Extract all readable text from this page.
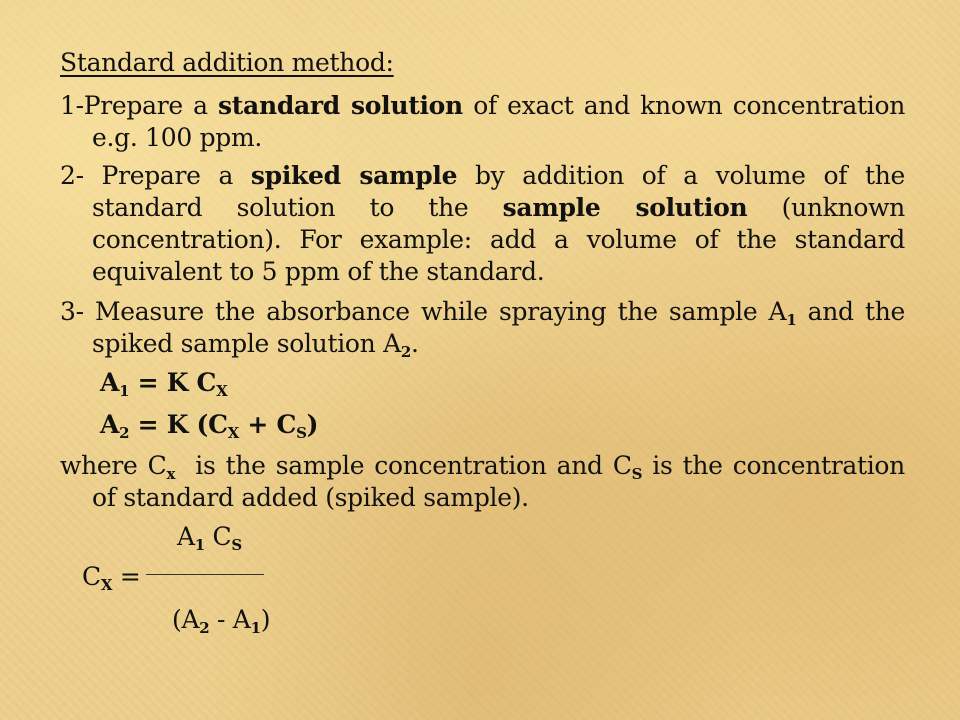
Standard addition method:

1-Prepare a standard solution of exact and known concentration e.g. 100 ppm.

2- Prepare a spiked sample by addition of a volume of the standard solution to the sample solution (unknown concentration). For example: add a volume of the standard equivalent to 5 ppm of the standard.

3- Measure the absorbance while spraying the sample $A_1$ and the spiked sample solution $A_2$.

$A_1 = K$ $C_X$

$A_2 = K$ $(C_X + C_S)$

where $C_x$  is the sample concentration and $C_S$ is the concentration of standard added (spiked sample).

$A_1$ $C_S$

$C_X$ =

$(A_2 - A_1)$
